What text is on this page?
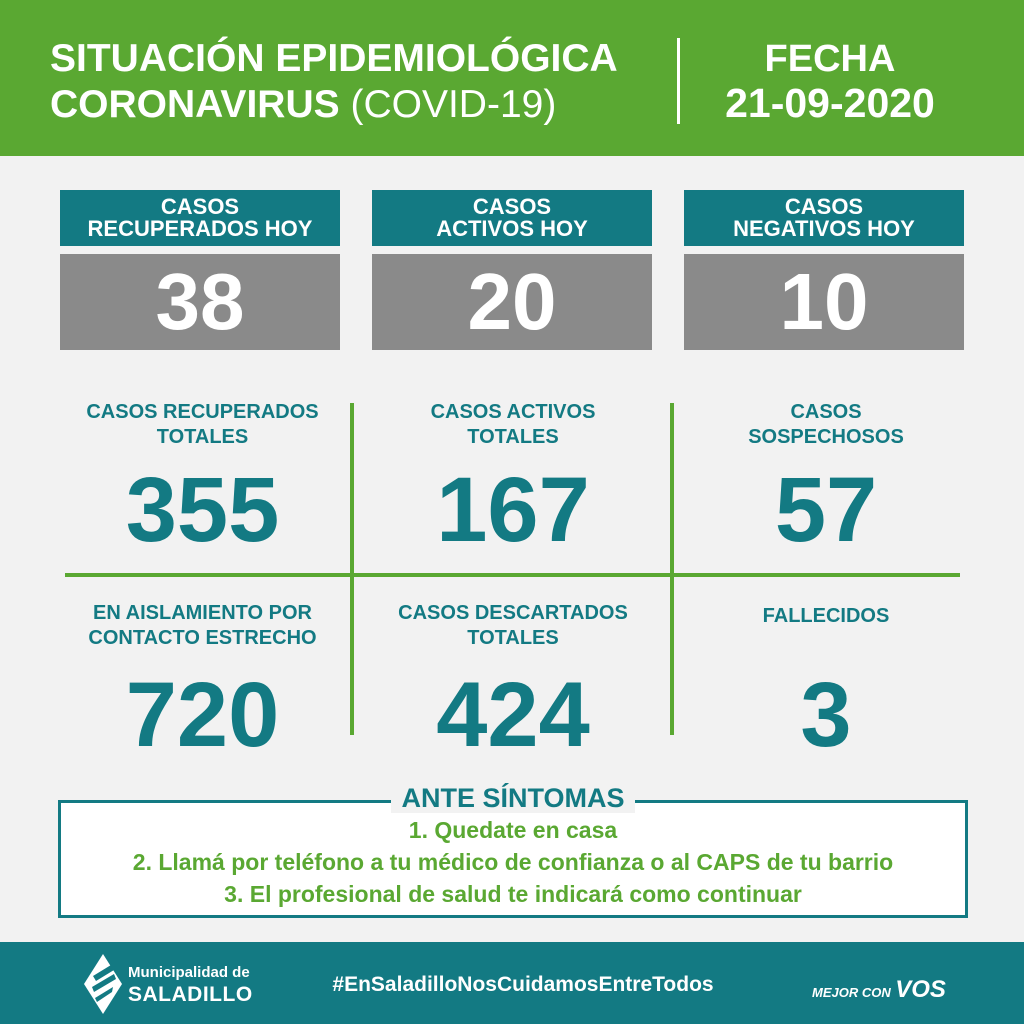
SITUACIÓN EPIDEMIOLÓGICA
CORONAVIRUS (COVID-19)
FECHA
21-09-2020
CASOS
RECUPERADOS HOY
38
CASOS
ACTIVOS HOY
20
CASOS
NEGATIVOS HOY
10
CASOS RECUPERADOS
TOTALES
355
CASOS ACTIVOS
TOTALES
167
CASOS
SOSPECHOSOS
57
EN AISLAMIENTO POR
CONTACTO ESTRECHO
720
CASOS DESCARTADOS
TOTALES
424
FALLECIDOS
3
ANTE SÍNTOMAS
1. Quedate en casa
2. Llamá por teléfono a tu médico de confianza o al CAPS de tu barrio
3. El profesional de salud te indicará como continuar
Municipalidad de
SALADILLO	#EnSaladilloNosCuidamosEntreTodos	MEJOR CON VOS
